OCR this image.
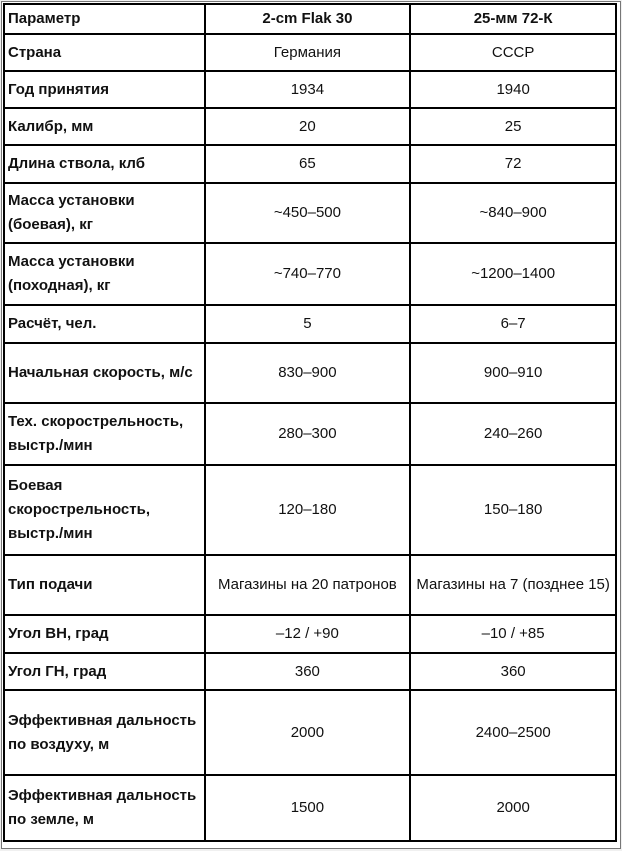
Параметр	2-cm Flak 30	25-мм 72-К
Страна	Германия	СССР
Год принятия	1934	1940
Калибр, мм	20	25
Длина ствола, клб	65	72
Масса установки (боевая), кг	~450–500	~840–900
Масса установки (походная), кг	~740–770	~1200–1400
Расчёт, чел.	5	6–7
Начальная скорость, м/с	830–900	900–910
Тех. скорострельность, выстр./мин	280–300	240–260
Боевая скорострельность, выстр./мин	120–180	150–180
Тип подачи	Магазины на 20 патронов	Магазины на 7 (позднее 15)
Угол ВН, град	–12 / +90	–10 / +85
Угол ГН, град	360	360
Эффективная дальность по воздуху, м	2000	2400–2500
Эффективная дальность по земле, м	1500	2000
